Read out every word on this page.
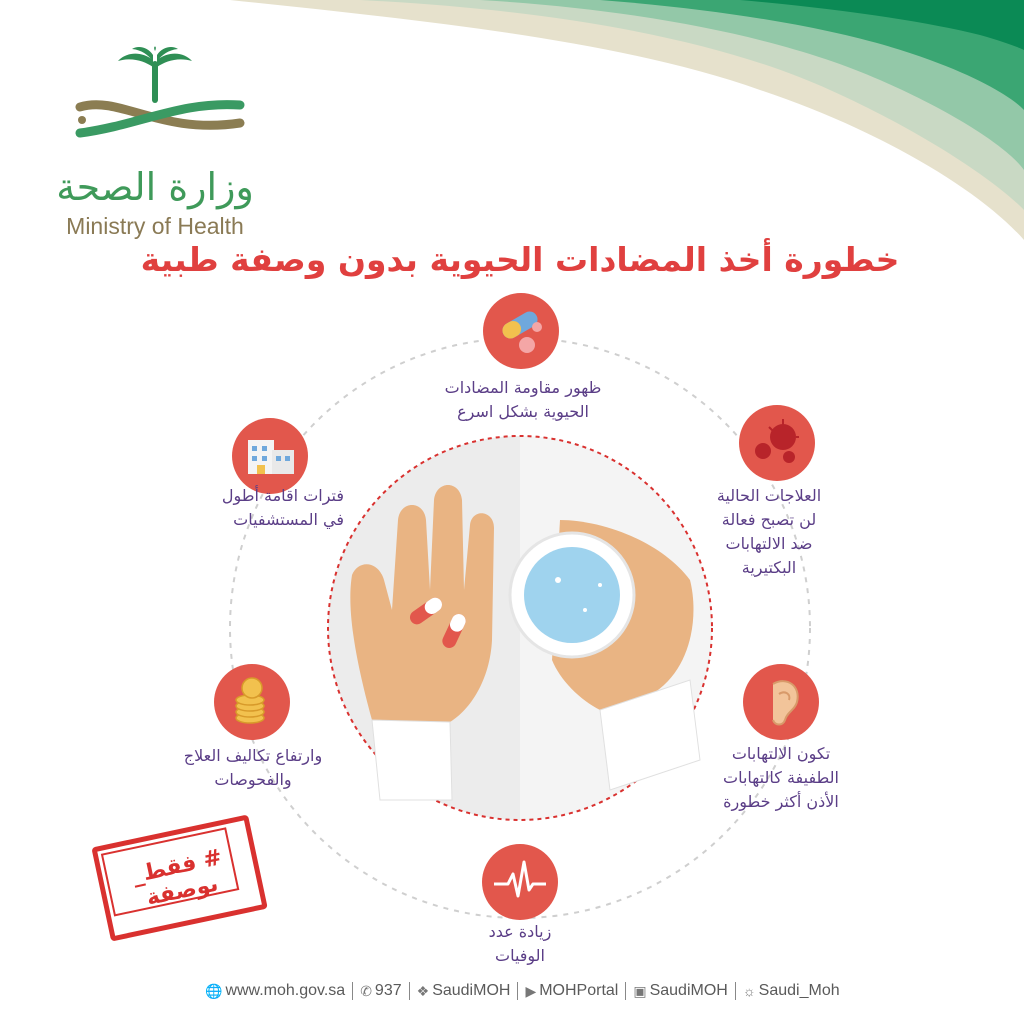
وزارة الصحة
Ministry of Health
خطورة أخذ المضادات الحيوية بدون وصفة طبية
ظهور مقاومة المضادات
الحيوية بشكل اسرع
فترات اقامة أطول
في المستشفيات
العلاجات الحالية
لن تصبح فعالة
ضد الالتهابات
البكتيرية
وارتفاع تكاليف العلاج
والفحوصات
تكون الالتهابات
الطفيفة كالتهابات
الأذن أكثر خطورة
زيادة عدد
الوفيات
# فقط_ بوصفة
🌐 www.moh.gov.sa ✆ 937 ❖ SaudiMOH ▶ MOHPortal ▣ SaudiMOH ☼ Saudi_Moh
